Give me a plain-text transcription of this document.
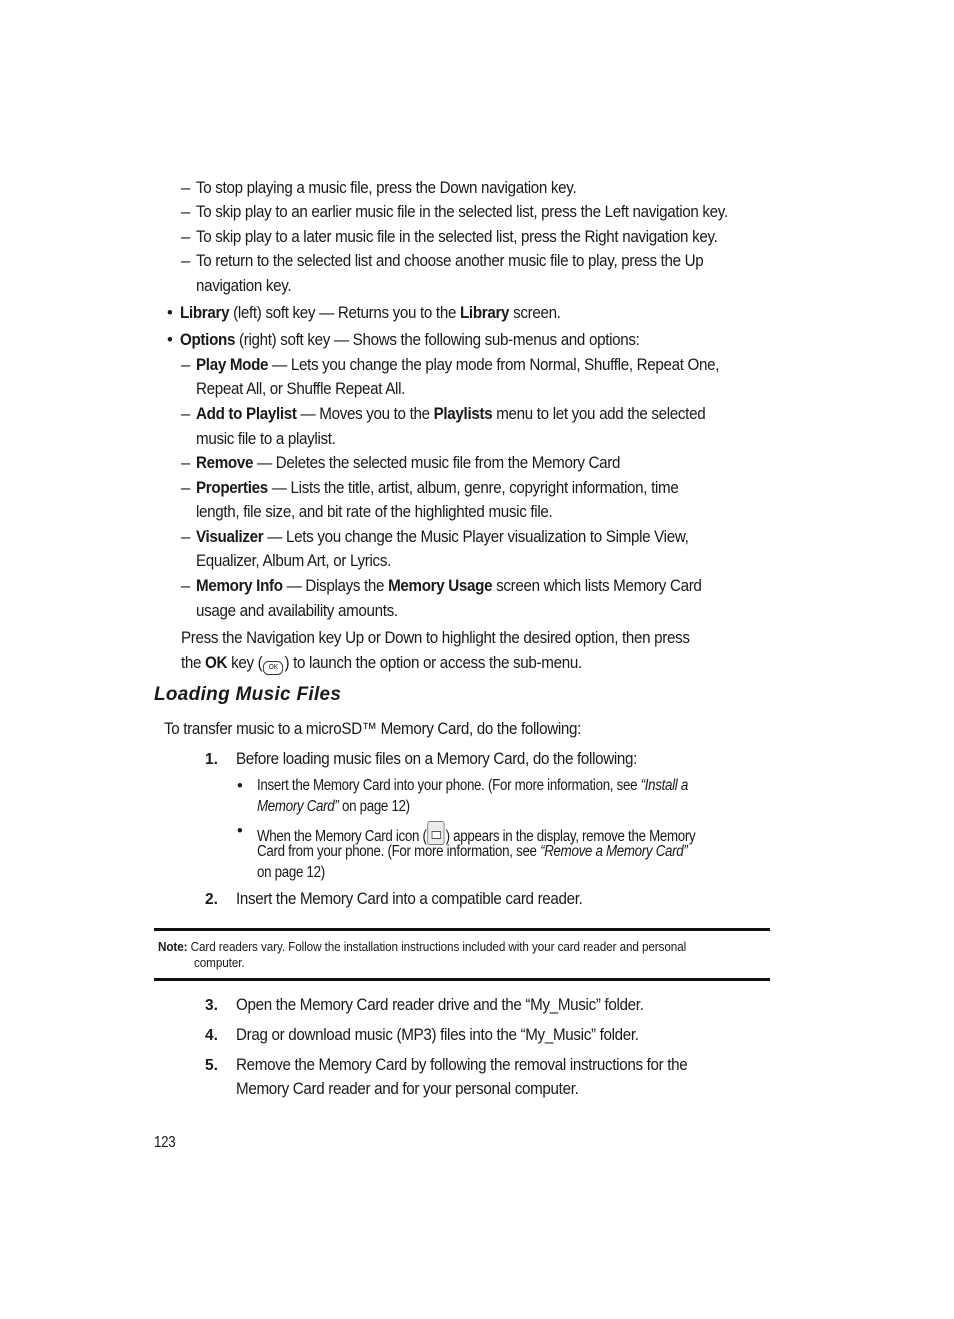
– To stop playing a music file, press the Down navigation key.
– To skip play to an earlier music file in the selected list, press the Left navigation key.
– To skip play to a later music file in the selected list, press the Right navigation key.
– To return to the selected list and choose another music file to play, press the Up
navigation key.
• Library (left) soft key — Returns you to the Library screen.
• Options (right) soft key — Shows the following sub-menus and options:
– Play Mode — Lets you change the play mode from Normal, Shuffle, Repeat One,
Repeat All, or Shuffle Repeat All.
– Add to Playlist — Moves you to the Playlists menu to let you add the selected
music file to a playlist.
– Remove — Deletes the selected music file from the Memory Card
– Properties — Lists the title, artist, album, genre, copyright information, time
length, file size, and bit rate of the highlighted music file.
– Visualizer — Lets you change the Music Player visualization to Simple View,
Equalizer, Album Art, or Lyrics.
– Memory Info — Displays the Memory Usage screen which lists Memory Card
usage and availability amounts.
Press the Navigation key Up or Down to highlight the desired option, then press
the OK key ( OK ) to launch the option or access the sub-menu.
Loading Music Files
To transfer music to a microSD™ Memory Card, do the following:
1. Before loading music files on a Memory Card, do the following:
• Insert the Memory Card into your phone. (For more information, see “Install a
Memory Card” on page 12)
• When the Memory Card icon ( ) appears in the display, remove the Memory
Card from your phone. (For more information, see “Remove a Memory Card”
on page 12)
2. Insert the Memory Card into a compatible card reader.
Note: Card readers vary. Follow the installation instructions included with your card reader and personal
computer.
3. Open the Memory Card reader drive and the “My_Music” folder.
4. Drag or download music (MP3) files into the “My_Music” folder.
5. Remove the Memory Card by following the removal instructions for the
Memory Card reader and for your personal computer.
123
